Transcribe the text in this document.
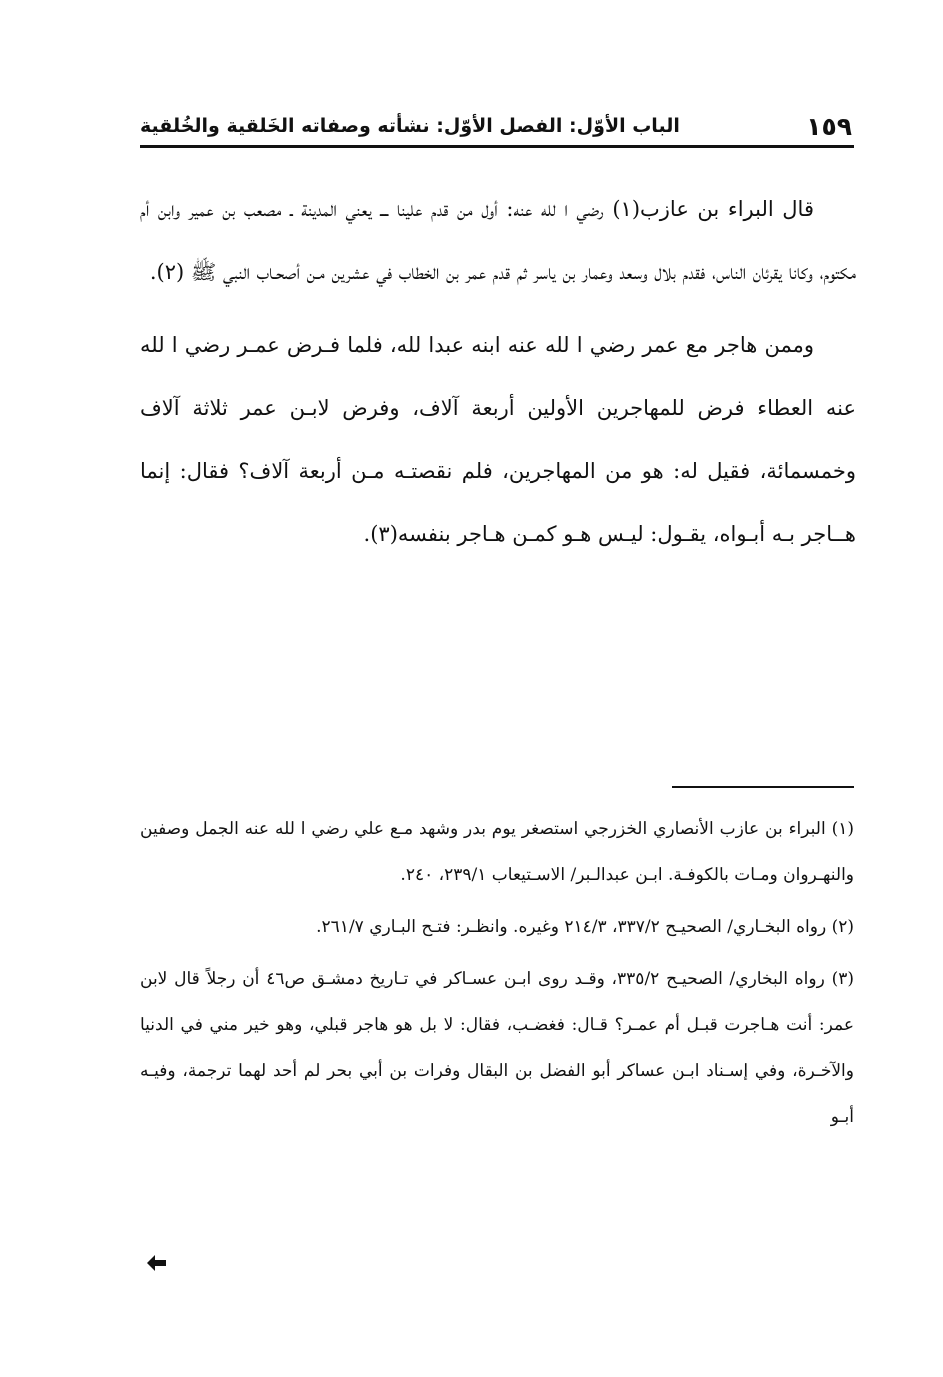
١٥٩
الباب الأوّل: الفصل الأوّل: نشأته وصفاته الخَلقية والخُلقية

قال البراء بن عازب(١) رضي ا لله عنه: أول من قدم علينا ـــ يعني المدينة ـ مصعب بن عمير وابن أم مكتوم، وكانا يقرئان الناس، فقدم بلال وسعد وعمار بن ياسر ثم قدم عمر بن الخطاب في عشرين مـن أصحـاب النبي ﷺ (٢).

وممن هاجر مع عمر رضي ا لله عنه ابنه عبدا لله، فلما فـرض عمـر رضي ا لله عنه العطاء فرض للمهاجرين الأولين أربعة آلاف، وفرض لابـن عمر ثلاثة آلاف وخمسمائة، فقيل له: هو من المهاجرين، فلم نقصتـه مـن أربعة آلاف؟ فقال: إنما هــاجر بـه أبـواه، يقـول: ليـس هـو كمـن هـاجر بنفسه(٣).

(١) البراء بن عازب الأنصاري الخزرجي استصغر يوم بدر وشهد مـع علي رضي ا لله عنه الجمل وصفين والنهـروان ومـات بالكوفـة. ابـن عبدالـبر/ الاسـتيعاب ٢٣٩/١، ٢٤٠.

(٢) رواه البخـاري/ الصحيـح ٣٣٧/٢، ٢١٤/٣ وغيره. وانظـر: فتـح البـاري ٢٦١/٧.

(٣) رواه البخاري/ الصحيـح ٣٣٥/٢، وقـد روى ابـن عسـاكر في تـاريخ دمشـق ص٤٦ أن رجلاً قال لابن عمر: أنت هـاجرت قبـل أم عمـر؟ قـال: فغضـب، فقال: لا بل هو هاجر قبلي، وهو خير مني في الدنيا والآخـرة، وفي إسـناد ابـن عساكر أبو الفضل بن البقال وفرات بن أبي بحر لم أحد لهما ترجمة، وفيـه أبـو
